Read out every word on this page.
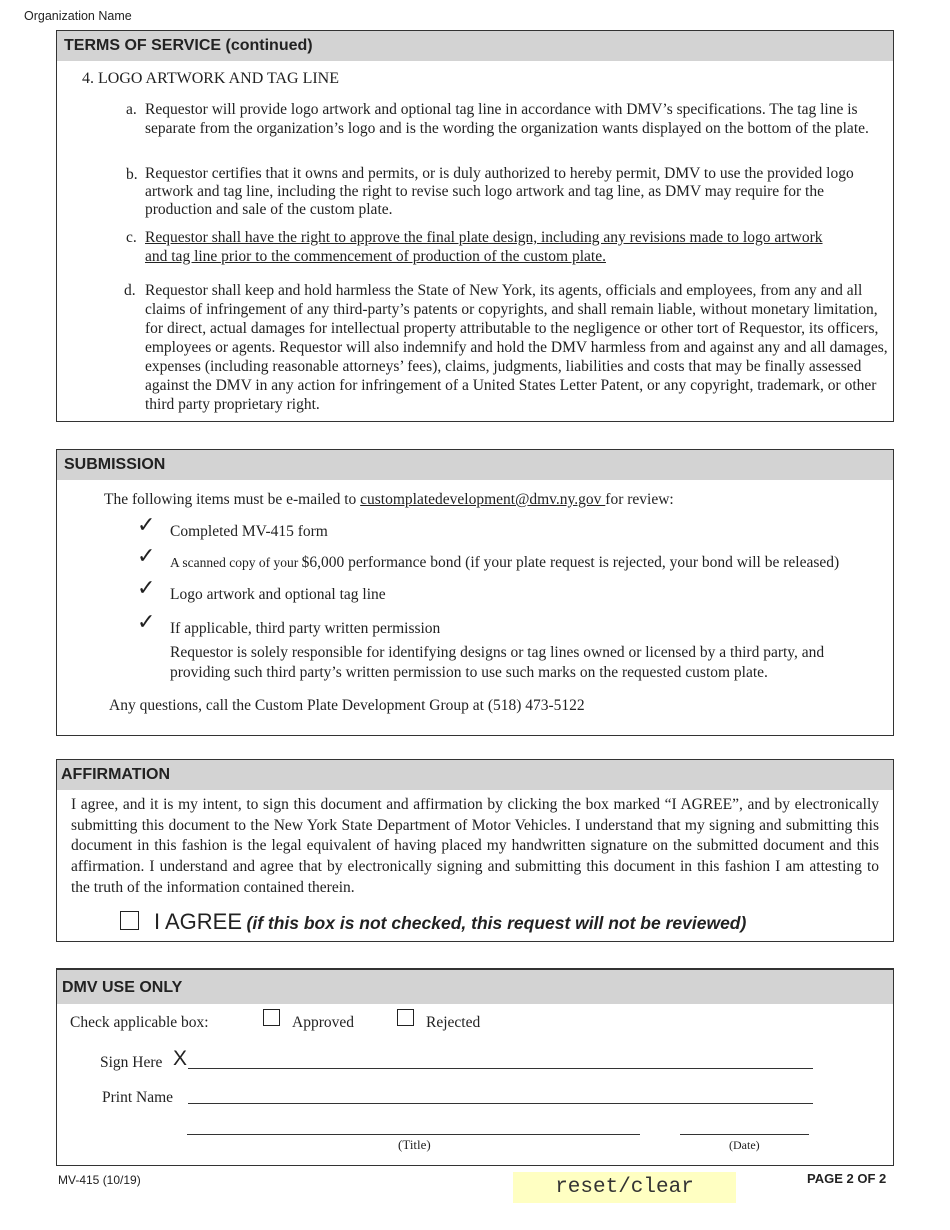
Organization Name
TERMS OF SERVICE (continued)
4. LOGO ARTWORK AND TAG LINE
a. Requestor will provide logo artwork and optional tag line in accordance with DMV’s specifications. The tag line is separate from the organization’s logo and is the wording the organization wants displayed on the bottom of the plate.
b. Requestor certifies that it owns and permits, or is duly authorized to hereby permit, DMV to use the provided logo artwork and tag line, including the right to revise such logo artwork and tag line, as DMV may require for the production and sale of the custom plate.
c. Requestor shall have the right to approve the final plate design, including any revisions made to logo artwork and tag line prior to the commencement of production of the custom plate.
d. Requestor shall keep and hold harmless the State of New York, its agents, officials and employees, from any and all claims of infringement of any third-party’s patents or copyrights, and shall remain liable, without monetary limitation, for direct, actual damages for intellectual property attributable to the negligence or other tort of Requestor, its officers, employees or agents. Requestor will also indemnify and hold the DMV harmless from and against any and all damages, expenses (including reasonable attorneys’ fees), claims, judgments, liabilities and costs that may be finally assessed against the DMV in any action for infringement of a United States Letter Patent, or any copyright, trademark, or other third party proprietary right.
SUBMISSION
The following items must be e-mailed to customplatedevelopment@dmv.ny.gov for review:
✓ Completed MV-415 form
✓ A scanned copy of your $6,000 performance bond (if your plate request is rejected, your bond will be released)
✓ Logo artwork and optional tag line
✓ If applicable, third party written permission
Requestor is solely responsible for identifying designs or tag lines owned or licensed by a third party, and providing such third party’s written permission to use such marks on the requested custom plate.
Any questions, call the Custom Plate Development Group at (518) 473-5122
AFFIRMATION
I agree, and it is my intent, to sign this document and affirmation by clicking the box marked “I AGREE”, and by electronically submitting this document to the New York State Department of Motor Vehicles. I understand that my signing and submitting this document in this fashion is the legal equivalent of having placed my handwritten signature on the submitted document and this affirmation. I understand and agree that by electronically signing and submitting this document in this fashion I am attesting to the truth of the information contained therein.
I AGREE (if this box is not checked, this request will not be reviewed)
DMV USE ONLY
Check applicable box:	Approved	Rejected
Sign Here X
Print Name
(Title)	(Date)
MV-415 (10/19)	reset/clear	PAGE 2 OF 2
